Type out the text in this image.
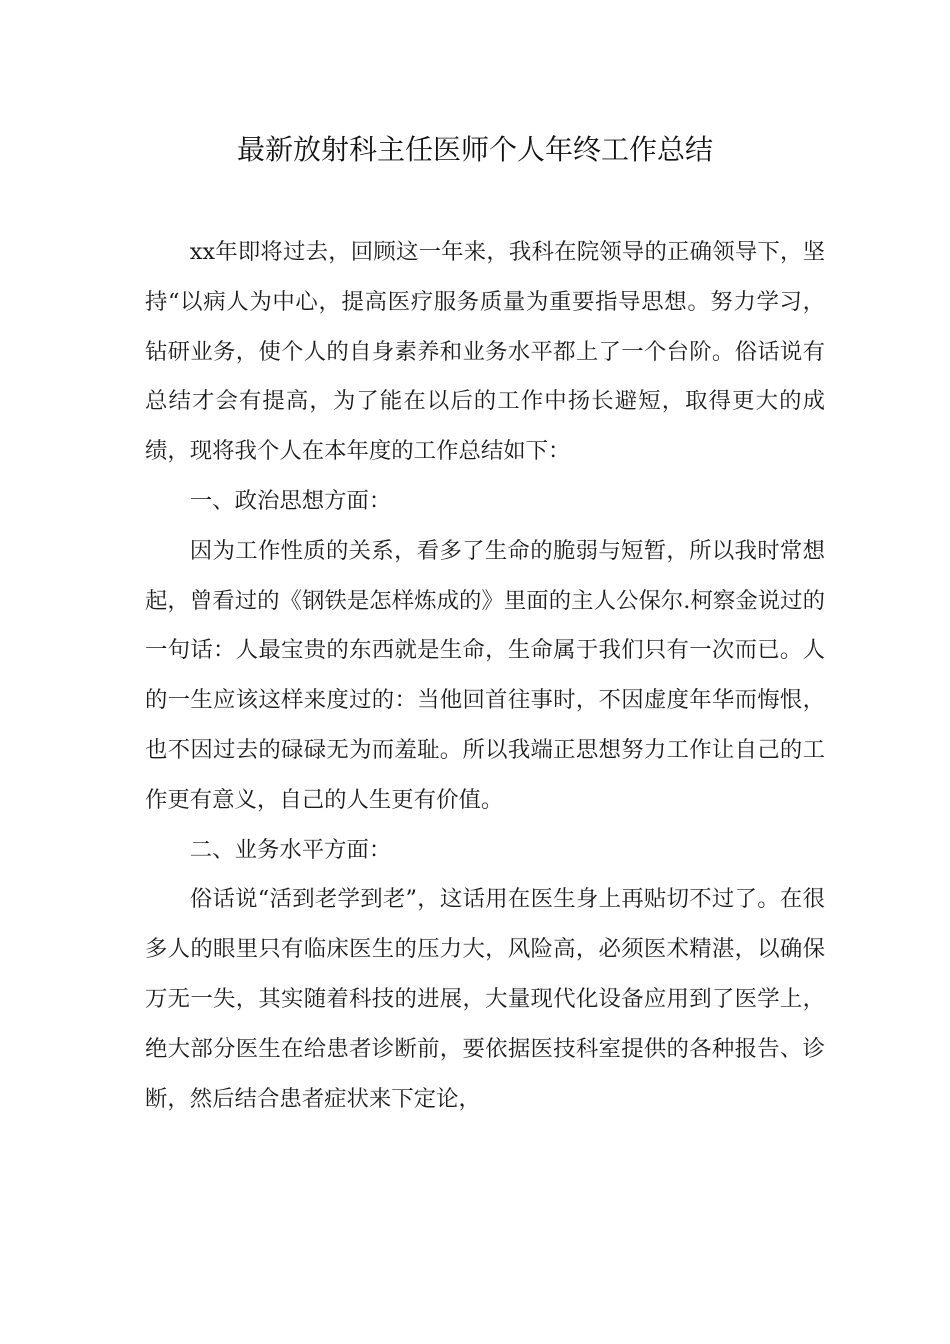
最新放射科主任医师个人年终工作总结

xx年即将过去，回顾这一年来，我科在院领导的正确领导下，坚持“以病人为中心，提高医疗服务质量为重要指导思想。努力学习，钻研业务，使个人的自身素养和业务水平都上了一个台阶。俗话说有总结才会有提高，为了能在以后的工作中扬长避短，取得更大的成绩，现将我个人在本年度的工作总结如下：

一、政治思想方面：

因为工作性质的关系，看多了生命的脆弱与短暂，所以我时常想起，曾看过的《钢铁是怎样炼成的》里面的主人公保尔.柯察金说过的一句话：人最宝贵的东西就是生命，生命属于我们只有一次而已。人的一生应该这样来度过的：当他回首往事时，不因虚度年华而悔恨，也不因过去的碌碌无为而羞耻。所以我端正思想努力工作让自己的工作更有意义，自己的人生更有价值。

二、业务水平方面：

俗话说“活到老学到老”，这话用在医生身上再贴切不过了。在很多人的眼里只有临床医生的压力大，风险高，必须医术精湛，以确保万无一失，其实随着科技的进展，大量现代化设备应用到了医学上，绝大部分医生在给患者诊断前，要依据医技科室提供的各种报告、诊断，然后结合患者症状来下定论，
